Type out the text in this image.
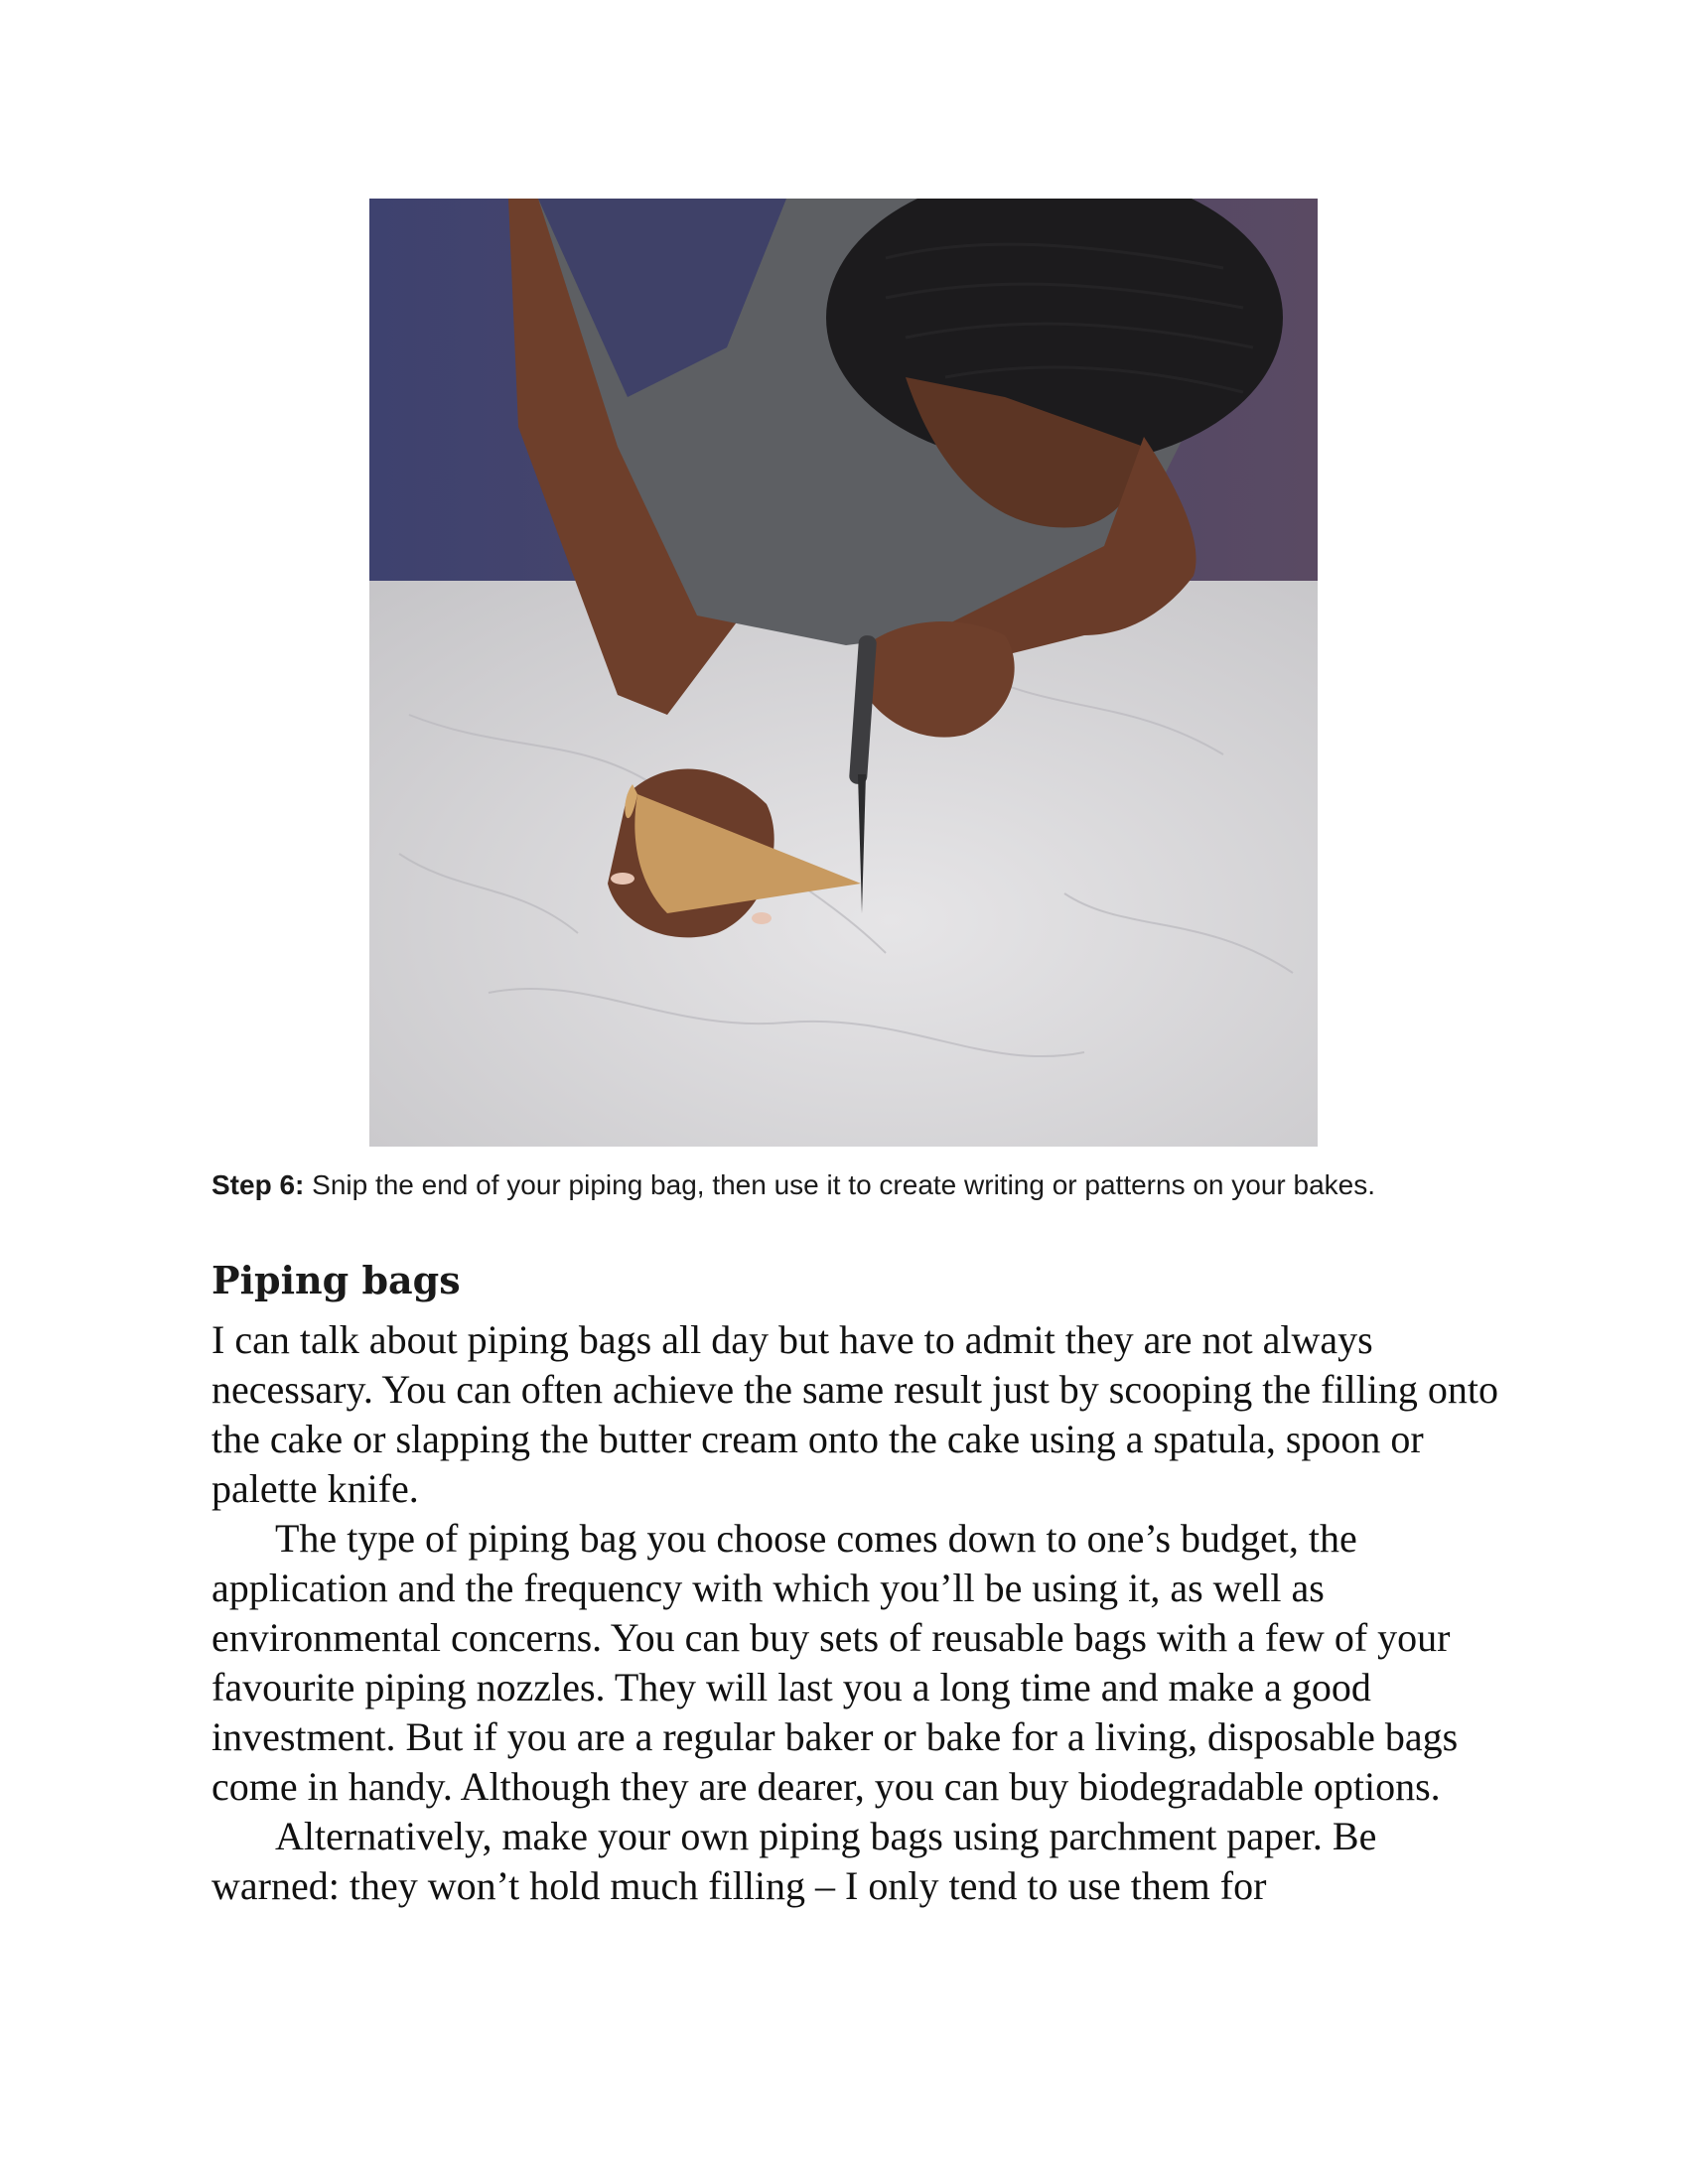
Step 6: Snip the end of your piping bag, then use it to create writing or patterns on your bakes.
Piping bags

I can talk about piping bags all day but have to admit they are not always necessary. You can often achieve the same result just by scooping the filling onto the cake or slapping the butter cream onto the cake using a spatula, spoon or palette knife.

The type of piping bag you choose comes down to one’s budget, the application and the frequency with which you’ll be using it, as well as environmental concerns. You can buy sets of reusable bags with a few of your favourite piping nozzles. They will last you a long time and make a good investment. But if you are a regular baker or bake for a living, disposable bags come in handy. Although they are dearer, you can buy biodegradable options.

Alternatively, make your own piping bags using parchment paper. Be warned: they won’t hold much filling – I only tend to use them for
